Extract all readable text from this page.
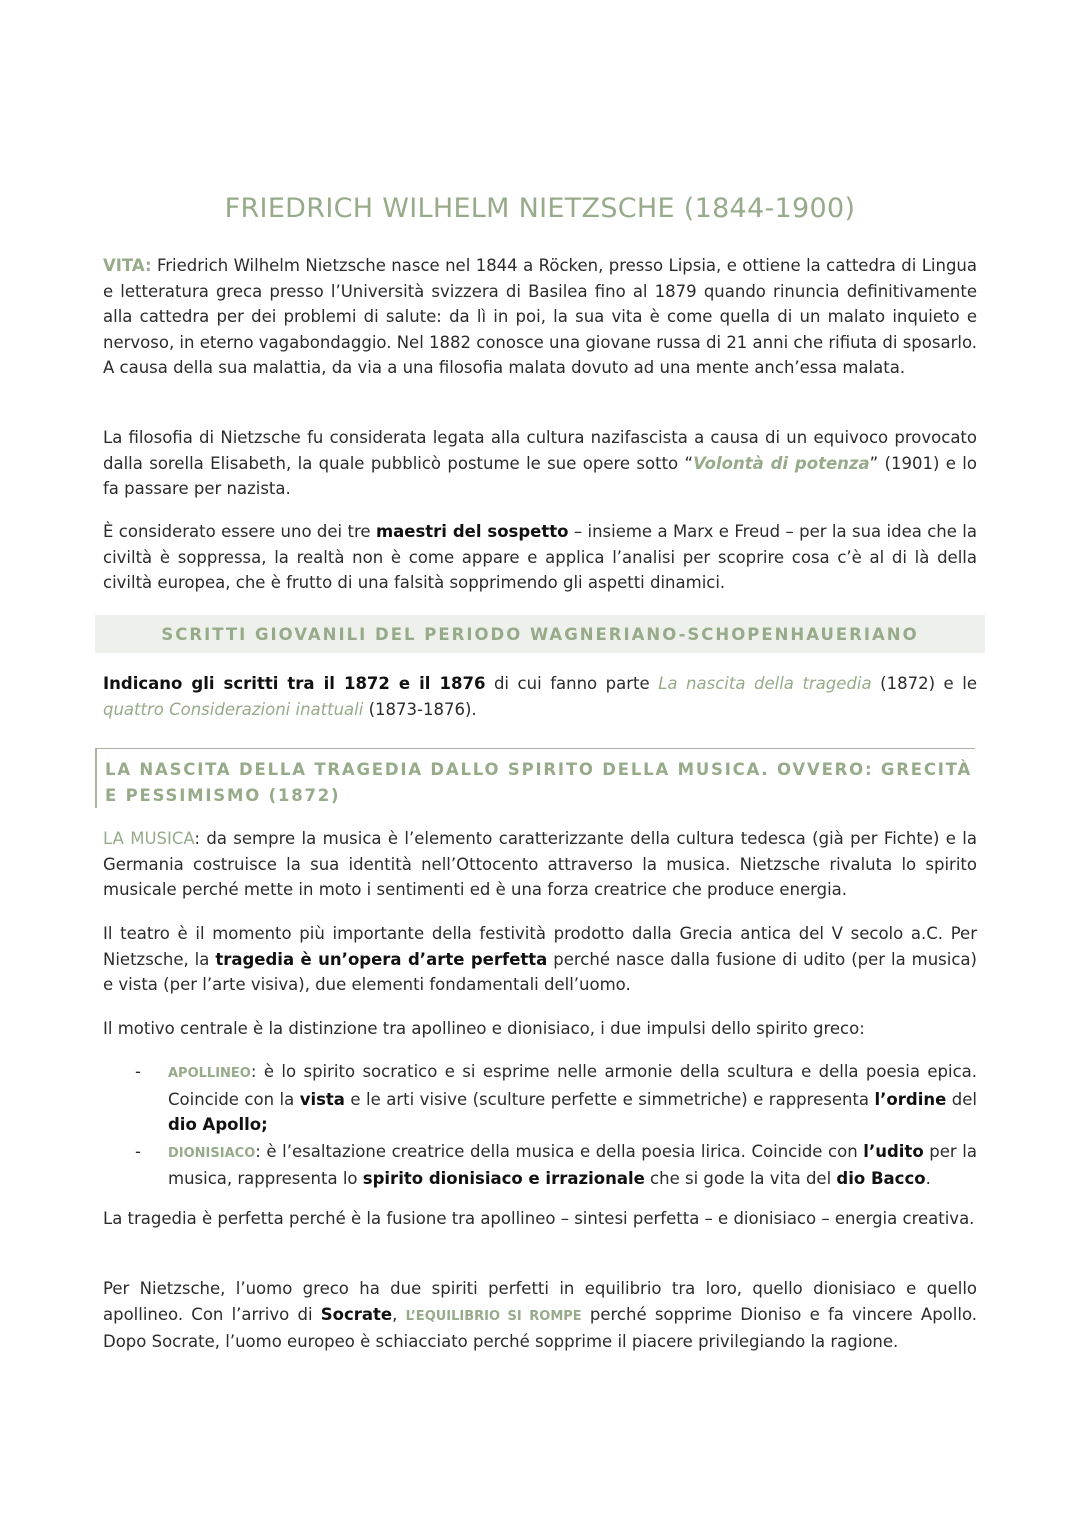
FRIEDRICH WILHELM NIETZSCHE (1844-1900)

VITA: Friedrich Wilhelm Nietzsche nasce nel 1844 a Röcken, presso Lipsia, e ottiene la cattedra di Lingua e letteratura greca presso l’Università svizzera di Basilea fino al 1879 quando rinuncia definitivamente alla cattedra per dei problemi di salute: da lì in poi, la sua vita è come quella di un malato inquieto e nervoso, in eterno vagabondaggio. Nel 1882 conosce una giovane russa di 21 anni che rifiuta di sposarlo. A causa della sua malattia, da via a una filosofia malata dovuto ad una mente anch’essa malata.

La filosofia di Nietzsche fu considerata legata alla cultura nazifascista a causa di un equivoco provocato dalla sorella Elisabeth, la quale pubblicò postume le sue opere sotto “Volontà di potenza” (1901) e lo fa passare per nazista.

È considerato essere uno dei tre maestri del sospetto – insieme a Marx e Freud – per la sua idea che la civiltà è soppressa, la realtà non è come appare e applica l’analisi per scoprire cosa c’è al di là della civiltà europea, che è frutto di una falsità sopprimendo gli aspetti dinamici.

SCRITTI GIOVANILI DEL PERIODO WAGNERIANO-SCHOPENHAUERIANO

Indicano gli scritti tra il 1872 e il 1876 di cui fanno parte La nascita della tragedia (1872) e le quattro Considerazioni inattuali (1873-1876).

LA NASCITA DELLA TRAGEDIA DALLO SPIRITO DELLA MUSICA. OVVERO: GRECITÀ E PESSIMISMO (1872)

LA MUSICA: da sempre la musica è l’elemento caratterizzante della cultura tedesca (già per Fichte) e la Germania costruisce la sua identità nell’Ottocento attraverso la musica. Nietzsche rivaluta lo spirito musicale perché mette in moto i sentimenti ed è una forza creatrice che produce energia.

Il teatro è il momento più importante della festività prodotto dalla Grecia antica del V secolo a.C. Per Nietzsche, la tragedia è un’opera d’arte perfetta perché nasce dalla fusione di udito (per la musica) e vista (per l’arte visiva), due elementi fondamentali dell’uomo.

Il motivo centrale è la distinzione tra apollineo e dionisiaco, i due impulsi dello spirito greco:

- APOLLINEO: è lo spirito socratico e si esprime nelle armonie della scultura e della poesia epica. Coincide con la vista e le arti visive (sculture perfette e simmetriche) e rappresenta l’ordine del dio Apollo;
- DIONISIACO: è l’esaltazione creatrice della musica e della poesia lirica. Coincide con l’udito per la musica, rappresenta lo spirito dionisiaco e irrazionale che si gode la vita del dio Bacco.

La tragedia è perfetta perché è la fusione tra apollineo – sintesi perfetta – e dionisiaco – energia creativa.

Per Nietzsche, l’uomo greco ha due spiriti perfetti in equilibrio tra loro, quello dionisiaco e quello apollineo. Con l’arrivo di Socrate, L’EQUILIBRIO SI ROMPE perché sopprime Dioniso e fa vincere Apollo. Dopo Socrate, l’uomo europeo è schiacciato perché sopprime il piacere privilegiando la ragione.
